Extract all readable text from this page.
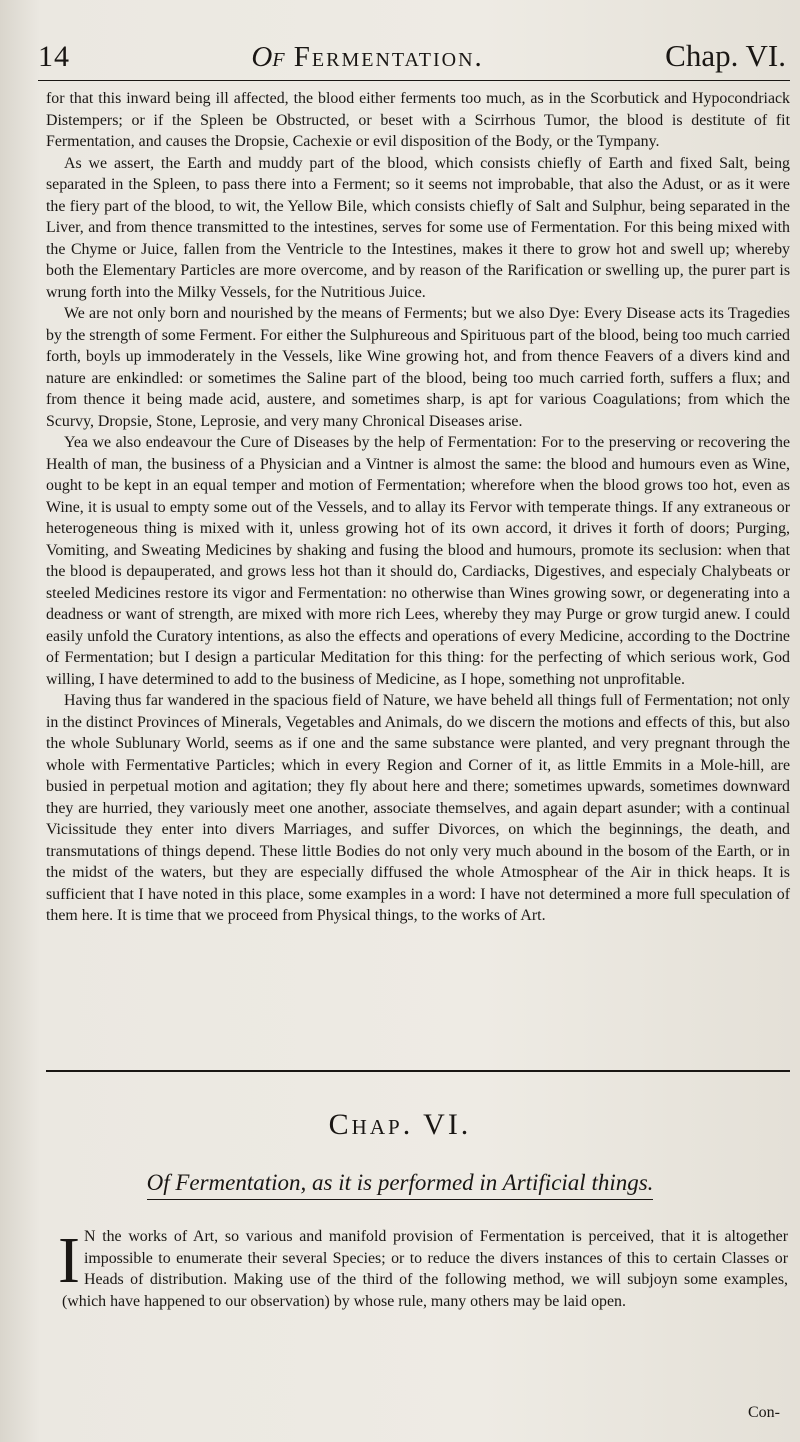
14	Of Fermentation.	Chap. VI.

for that this inward being ill affected, the blood either ferments too much, as in the Scorbutick and Hypocondriack Distempers; or if the Spleen be Obstructed, or beset with a Scirrhous Tumor, the blood is destitute of fit Fermentation, and causes the Dropsie, Cachexie or evil disposition of the Body, or the Tympany.

As we assert, the Earth and muddy part of the blood, which consists chiefly of Earth and fixed Salt, being separated in the Spleen, to pass there into a Ferment; so it seems not improbable, that also the Adust, or as it were the fiery part of the blood, to wit, the Yellow Bile, which consists chiefly of Salt and Sulphur, being separated in the Liver, and from thence transmitted to the intestines, serves for some use of Fermentation. For this being mixed with the Chyme or Juice, fallen from the Ventricle to the Intestines, makes it there to grow hot and swell up; whereby both the Elementary Particles are more overcome, and by reason of the Rarification or swelling up, the purer part is wrung forth into the Milky Vessels, for the Nutritious Juice.

We are not only born and nourished by the means of Ferments; but we also Dye: Every Disease acts its Tragedies by the strength of some Ferment. For either the Sulphureous and Spirituous part of the blood, being too much carried forth, boyls up immoderately in the Vessels, like Wine growing hot, and from thence Feavers of a divers kind and nature are enkindled: or sometimes the Saline part of the blood, being too much carried forth, suffers a flux; and from thence it being made acid, austere, and sometimes sharp, is apt for various Coagulations; from which the Scurvy, Dropsie, Stone, Leprosie, and very many Chronical Diseases arise.

Yea we also endeavour the Cure of Diseases by the help of Fermentation: For to the preserving or recovering the Health of man, the business of a Physician and a Vintner is almost the same: the blood and humours even as Wine, ought to be kept in an equal temper and motion of Fermentation; wherefore when the blood grows too hot, even as Wine, it is usual to empty some out of the Vessels, and to allay its Fervor with temperate things. If any extraneous or heterogeneous thing is mixed with it, unless growing hot of its own accord, it drives it forth of doors; Purging, Vomiting, and Sweating Medicines by shaking and fusing the blood and humours, promote its seclusion: when that the blood is depauperated, and grows less hot than it should do, Cardiacks, Digestives, and especialy Chalybeats or steeled Medicines restore its vigor and Fermentation: no otherwise than Wines growing sowr, or degenerating into a deadness or want of strength, are mixed with more rich Lees, whereby they may Purge or grow turgid anew. I could easily unfold the Curatory intentions, as also the effects and operations of every Medicine, according to the Doctrine of Fermentation; but I design a particular Meditation for this thing: for the perfecting of which serious work, God willing, I have determined to add to the business of Medicine, as I hope, something not unprofitable.

Having thus far wandered in the spacious field of Nature, we have beheld all things full of Fermentation; not only in the distinct Provinces of Minerals, Vegetables and Animals, do we discern the motions and effects of this, but also the whole Sublunary World, seems as if one and the same substance were planted, and very pregnant through the whole with Fermentative Particles; which in every Region and Corner of it, as little Emmits in a Mole-hill, are busied in perpetual motion and agitation; they fly about here and there; sometimes upwards, sometimes downward they are hurried, they variously meet one another, associate themselves, and again depart asunder; with a continual Vicissitude they enter into divers Marriages, and suffer Divorces, on which the beginnings, the death, and transmutations of things depend. These little Bodies do not only very much abound in the bosom of the Earth, or in the midst of the waters, but they are especially diffused the whole Atmosphear of the Air in thick heaps. It is sufficient that I have noted in this place, some examples in a word: I have not determined a more full speculation of them here. It is time that we proceed from Physical things, to the works of Art.

Chap. VI.
Of Fermentation, as it is performed in Artificial things.

I N the works of Art, so various and manifold provision of Fermentation is perceived, that it is altogether impossible to enumerate their several Species; or to reduce the divers instances of this to certain Classes or Heads of distribution. Making use of the third of the following method, we will subjoyn some examples, (which have happened to our observation) by whose rule, many others may be laid open.

Con-
